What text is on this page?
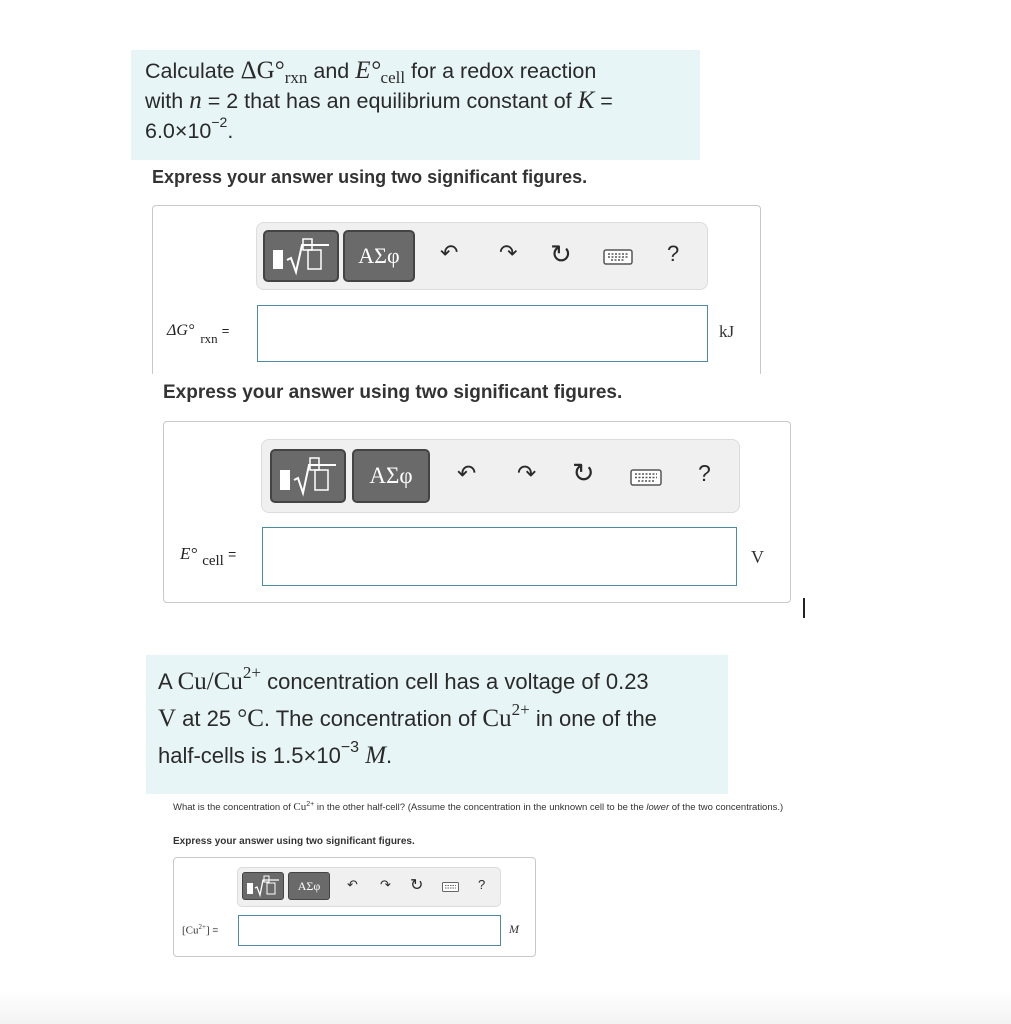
Calculate $\Delta G^\circ_{rxn}$ and $E^\circ_{cell}$ for a redox reaction
with n = 2 that has an equilibrium constant of K =
$6.0\times 10^{-2}$.
Express your answer using two significant figures.
ΑΣφ	↶ ↷ ↻	?
ΔG° $_{rxn}$ =	kJ
Express your answer using two significant figures.
ΑΣφ	↶ ↷ ↻	?
E° $_{cell}$ =	V
A $Cu/Cu^{2+}$ concentration cell has a voltage of 0.23
V at 25 °C. The concentration of $Cu^{2+}$ in one of the
half-cells is $1.5\times 10^{-3}$ M.
What is the concentration of $Cu^{2+}$ in the other half-cell? (Assume the concentration in the unknown cell to be the lower of the two concentrations.)
Express your answer using two significant figures.
ΑΣφ	↶ ↷ ↻	?
$[Cu^{2+}]$ =	M
